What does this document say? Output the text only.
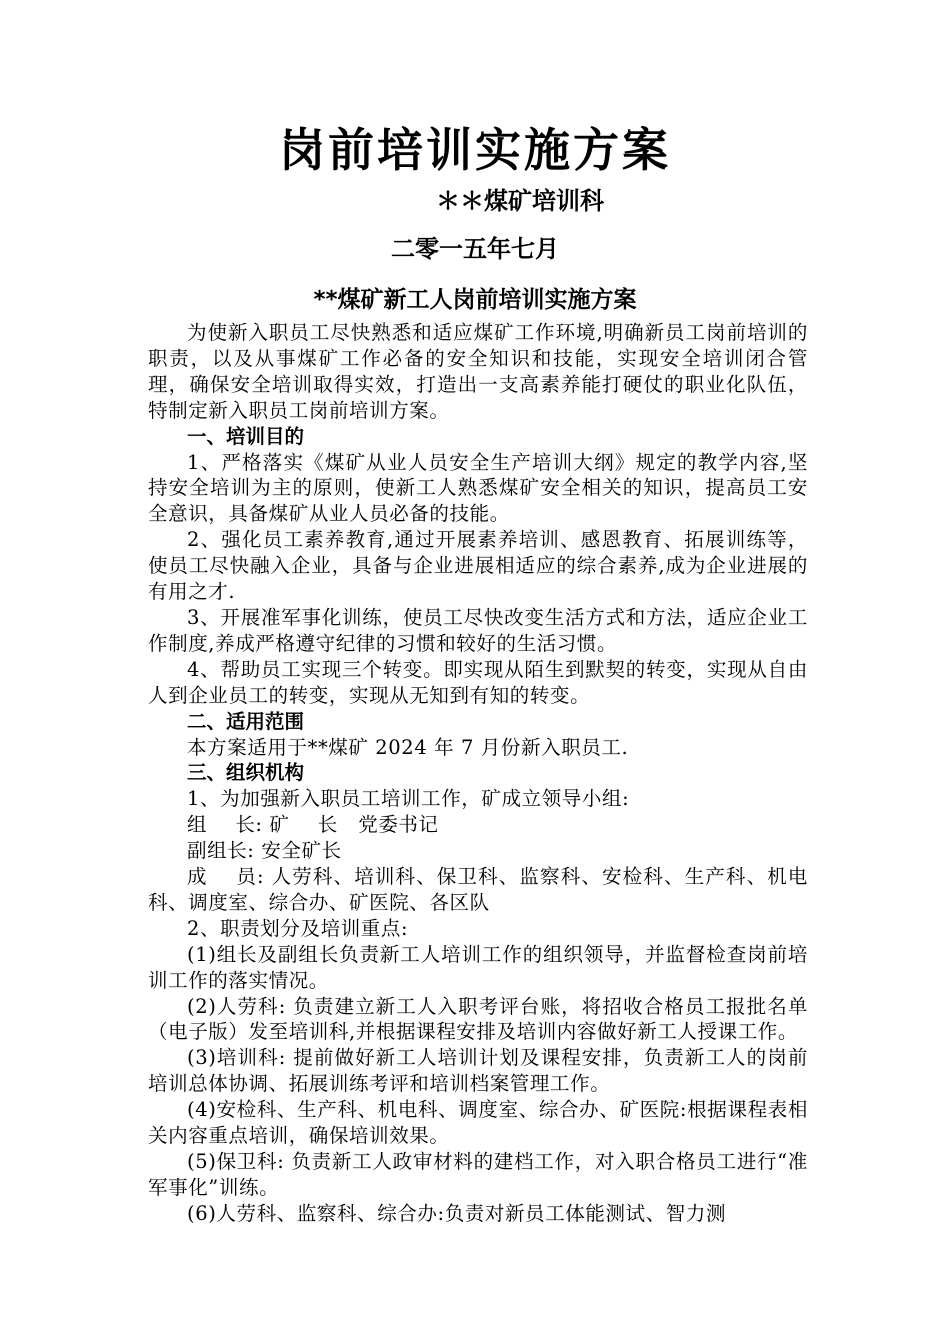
岗前培训实施方案
＊＊煤矿培训科
二零一五年七月
**煤矿新工人岗前培训实施方案

为使新入职员工尽快熟悉和适应煤矿工作环境,明确新员工岗前培训的职责，以及从事煤矿工作必备的安全知识和技能，实现安全培训闭合管理，确保安全培训取得实效，打造出一支高素养能打硬仗的职业化队伍，特制定新入职员工岗前培训方案。

一、培训目的

1、严格落实《煤矿从业人员安全生产培训大纲》规定的教学内容,坚持安全培训为主的原则，使新工人熟悉煤矿安全相关的知识，提高员工安全意识，具备煤矿从业人员必备的技能。

2、强化员工素养教育,通过开展素养培训、感恩教育、拓展训练等，使员工尽快融入企业，具备与企业进展相适应的综合素养,成为企业进展的有用之才.

3、开展准军事化训练，使员工尽快改变生活方式和方法，适应企业工作制度,养成严格遵守纪律的习惯和较好的生活习惯。

4、帮助员工实现三个转变。即实现从陌生到默契的转变，实现从自由人到企业员工的转变，实现从无知到有知的转变。

二、适用范围

本方案适用于**煤矿 2024 年 7 月份新入职员工.

三、组织机构

1、为加强新入职员工培训工作，矿成立领导小组:

组 长: 矿 长 党委书记

副组长: 安全矿长

成 员: 人劳科、培训科、保卫科、监察科、安检科、生产科、机电科、调度室、综合办、矿医院、各区队

2、职责划分及培训重点:

(1)组长及副组长负责新工人培训工作的组织领导，并监督检查岗前培训工作的落实情况。

(2)人劳科: 负责建立新工人入职考评台账，将招收合格员工报批名单（电子版）发至培训科,并根据课程安排及培训内容做好新工人授课工作。

(3)培训科: 提前做好新工人培训计划及课程安排，负责新工人的岗前培训总体协调、拓展训练考评和培训档案管理工作。

(4)安检科、生产科、机电科、调度室、综合办、矿医院:根据课程表相关内容重点培训，确保培训效果。

(5)保卫科: 负责新工人政审材料的建档工作，对入职合格员工进行“准军事化”训练。

(6)人劳科、监察科、综合办:负责对新员工体能测试、智力测
